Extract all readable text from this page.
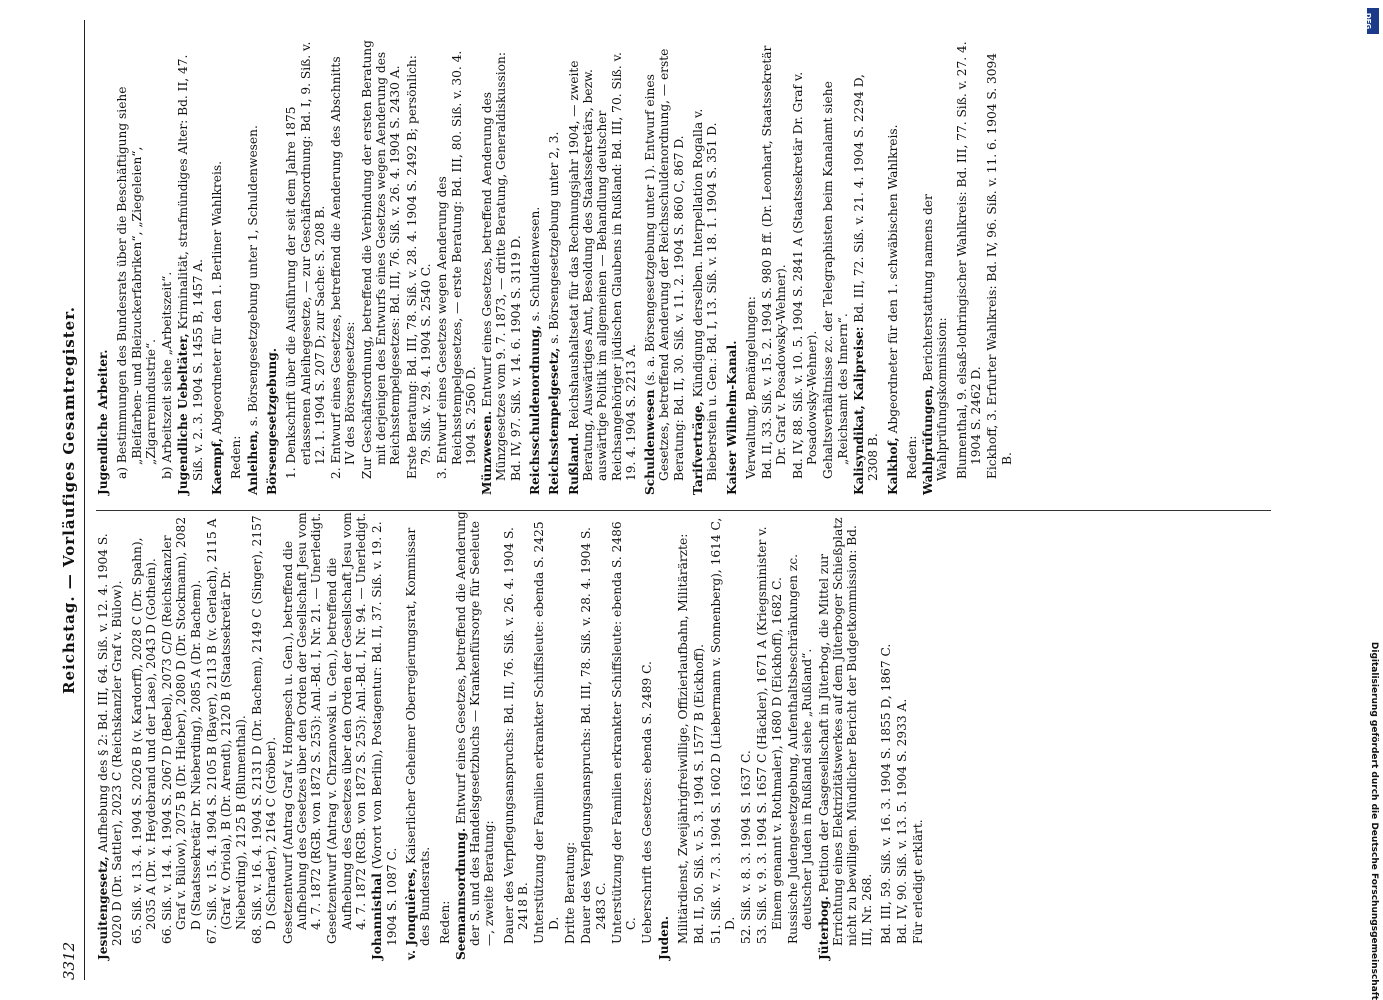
3312
Reichstag. — Vorläufiges Gesamtregister.

Jesuitengesetz, Aufhebung des § 2: Bd. III, 64. Siß. v. 12. 4. 1904 S. 2020 D (Dr. Sattler), 2023 C (Reichskanzler Graf v. Bülow). 65. Siß. v. 13. 4. 1904 S. 2026 B (v. Kardorff), 2028 C (Dr. Spahn), 2035 A (Dr. v. Heydebrand und der Lase), 2043 D (Gothein). 66. Siß. v. 14. 4. 1904 S. 2067 D (Bebel), 2073 C/D (Reichskanzler Graf v. Bülow), 2075 B (Dr. Hieber), 2080 D (Dr. Stockmann), 2082 D (Staatssekretär Dr. Nieberding), 2085 A (Dr. Bachem). 67. Siß. v. 15. 4. 1904 S. 2105 B (Bayer), 2113 B (v. Gerlach), 2115 A (Graf v. Oriola), B (Dr. Arendt), 2120 B (Staatssekretär Dr. Nieberding), 2125 B (Blumenthal). 68. Siß. v. 16. 4. 1904 S. 2131 D (Dr. Bachem), 2149 C (Singer), 2157 D (Schrader), 2164 C (Gröber). Gesetzentwurf (Antrag Graf v. Hompesch u. Gen.), betreffend die Aufhebung des Gesetzes über den Orden der Gesellschaft Jesu vom 4. 7. 1872 (RGB. von 1872 S. 253): Anl.-Bd. I, Nr. 21. — Unerledigt. Gesetzentwurf (Antrag v. Chrzanowski u. Gen.), betreffend die Aufhebung des Gesetzes über den Orden der Gesellschaft Jesu vom 4. 7. 1872 (RGB. von 1872 S. 253): Anl.-Bd. I, Nr. 94. — Unerledigt. Johannisthal (Vorort von Berlin), Postagentur: Bd. II, 37. Siß. v. 19. 2. 1904 S. 1087 C. v. Jonquières, Kaiserlicher Geheimer Oberregierungsrat, Kommissar des Bundesrats. Reden: Seemannsordnung. Entwurf eines Gesetzes, betreffend die Aenderung der S. und des Handelsgesetzbuchs — Krankenfürsorge für Seeleute —, zweite Beratung: Dauer des Verpflegungsanspruchs: Bd. III, 76. Siß. v. 26. 4. 1904 S. 2418 B. Unterstützung der Familien erkrankter Schiffsleute: ebenda S. 2425 D. Dritte Beratung: Dauer des Verpflegungsanspruchs: Bd. III, 78. Siß. v. 28. 4. 1904 S. 2483 C. Unterstützung der Familien erkrankter Schiffsleute: ebenda S. 2486 C. Ueberschrift des Gesetzes: ebenda S. 2489 C. Juden. Militärdienst, Zweijährigfreiwillige, Offizierlaufbahn, Militärärzte: Bd. II, 50. Siß. v. 5. 3. 1904 S. 1577 B (Eickhoff). 51. Siß. v. 7. 3. 1904 S. 1602 D (Liebermann v. Sonnenberg), 1614 C, D. 52. Siß. v. 8. 3. 1904 S. 1637 C. 53. Siß. v. 9. 3. 1904 S. 1657 C (Häckler), 1671 A (Kriegsminister v. Einem genannt v. Rothmaler), 1680 D (Eickhoff), 1682 C. Russische Judengesetzgebung, Aufenthaltsbeschränkungen zc. deutscher Juden in Rußland siehe „Rußland“. Jüterbog. Petition der Gasgesellschaft in Jüterbog, die Mittel zur Errichtung eines Elektrizitätswerkes auf dem Jüterboger Schießplatz nicht zu bewilligen. Mündlicher Bericht der Budgetkommission: Bd. III, Nr. 268. Bd. III, 59. Siß. v. 16. 3. 1904 S. 1855 D, 1867 C. Bd. IV, 90. Siß. v. 13. 5. 1904 S. 2933 A. Für erledigt erklärt.

Jugendliche Arbeiter. a) Bestimmungen des Bundesrats über die Beschäftigung siehe „Bleifarben- und Bleizuckerfabriken“, „Ziegeleien“, „Zigarrenindustrie“. b) Arbeitszeit siehe „Arbeitszeit“. Jugendliche Uebeltäter, Kriminalität, strafmündiges Alter: Bd. II, 47. Siß. v. 2. 3. 1904 S. 1455 B, 1457 A. Kaempf, Abgeordneter für den 1. Berliner Wahlkreis.

Reden: Anleihen, s. Börsengesetzgebung unter 1, Schuldenwesen. Börsengesetzgebung. 1. Denkschrift über die Ausführung der seit dem Jahre 1875 erlassenen Anleihegesetze, — zur Geschäftsordnung: Bd. I, 9. Siß. v. 12. 1. 1904 S. 207 D; zur Sache: S. 208 B. 2. Entwurf eines Gesetzes, betreffend die Aenderung des Abschnitts IV des Börsengesetzes: Zur Geschäftsordnung, betreffend die Verbindung der ersten Beratung mit derjenigen des Entwurfs eines Gesetzes wegen Aenderung des Reichsstempelgesetzes: Bd. III, 76. Siß. v. 26. 4. 1904 S. 2430 A. Erste Beratung: Bd. III, 78. Siß. v. 28. 4. 1904 S. 2492 B; persönlich: 79. Siß. v. 29. 4. 1904 S. 2540 C. 3. Entwurf eines Gesetzes wegen Aenderung des Reichsstempelgesetzes, — erste Beratung: Bd. III, 80. Siß. v. 30. 4. 1904 S. 2560 D. Münzwesen. Entwurf eines Gesetzes, betreffend Aenderung des Münzgesetzes vom 9. 7. 1873, — dritte Beratung, Generaldiskussion: Bd. IV, 97. Siß. v. 14. 6. 1904 S. 3119 D. Reichsschuldenordnung, s. Schuldenwesen.

Reichsstempelgesetz, s. Börsengesetzgebung unter 2, 3.

Rußland. Reichshaushaltsetat für das Rechnungsjahr 1904, — zweite Beratung, Auswärtiges Amt, Besoldung des Staatssekretärs, bezw. auswärtige Politik im allgemeinen — Behandlung deutscher Reichsangehöriger jüdischen Glaubens in Rußland: Bd. III, 70. Siß. v. 19. 4. 1904 S. 2213 A. Schuldenwesen (s. a. Börsengesetzgebung unter 1). Entwurf eines Gesetzes, betreffend Aenderung der Reichsschuldenordnung, — erste Beratung: Bd. II, 30. Siß. v. 11. 2. 1904 S. 860 C, 867 D. Tarifverträge, Kündigung derselben. Interpellation Rogalla v. Bieberstein u. Gen.: Bd. I, 13. Siß. v. 18. 1. 1904 S. 351 D. Kaiser Wilhelm-Kanal. Verwaltung, Bemängelungen: Bd. II, 33. Siß. v. 15. 2. 1904 S. 980 B ff. (Dr. Leonhart, Staatssekretär Dr. Graf v. Posadowsky-Wehner). Bd. IV, 88. Siß. v. 10. 5. 1904 S. 2841 A (Staatssekretär Dr. Graf v. Posadowsky-Wehner). Gehaltsverhältnisse zc. der Telegraphisten beim Kanalamt siehe „Reichsamt des Innern“. Kalisyndikat, Kalipreise: Bd. III, 72. Siß. v. 21. 4. 1904 S. 2294 D, 2308 B. Kalkhof, Abgeordneter für den 1. schwäbischen Wahlkreis.

Reden: Wahlprüfungen, Berichterstattung namens der Wahlprüfungskommission: Blumenthal, 9. elsaß-lothringischer Wahlkreis: Bd. III, 77. Siß. v. 27. 4. 1904 S. 2462 D. Eickhoff, 3. Erfurter Wahlkreis: Bd. IV, 96. Siß. v. 11. 6. 1904 S. 3094 B.

Digitalisierung gefördert durch die Deutsche Forschungsgemeinschaft
DFG
